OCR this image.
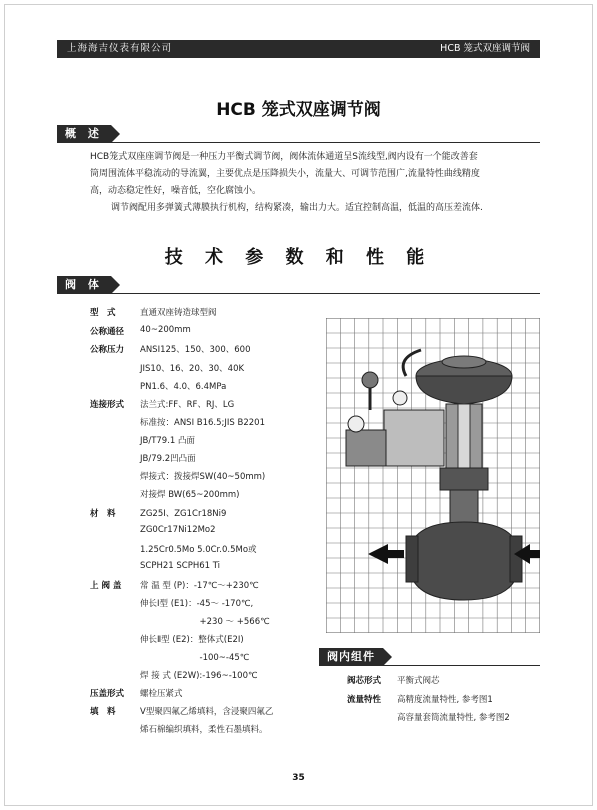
上海海吉仪表有限公司	HCB 笼式双座调节阀
HCB 笼式双座调节阀
概 述
HCB笼式双座座调节阀是一种压力平衡式调节阀，阀体流体通道呈S流线型,阀内设有一个能改善套
筒周围流体平稳流动的导流翼，主要优点是压降损失小，流量大、可调节范围广,流量特性曲线精度
高，动态稳定性好，噪音低，空化腐蚀小。
调节阀配用多弹簧式薄膜执行机构，结构紧凑，输出力大。适宜控制高温，低温的高压差流体.
技 术 参 数 和 性 能
阀 体
型　式	直通双座铸造球型阀
公称通径	40~200mm
公称压力	ANSI125、150、300、600
JIS10、16、20、30、40K
PN1.6、4.0、6.4MPa
连接形式	法兰式:FF、RF、RJ、LG
标准按：ANSI B16.5;JIS B2201
JB/T79.1 凸面
JB/79.2凹凸面
焊接式：拨接焊SW(40~50mm)
对接焊 BW(65~200mm)
材　料	ZG25I、ZG1Cr18Ni9
ZG0Cr17Ni12Mo2
1.25Cr0.5Mo 5.0Cr.0.5Mo或
SCPH21 SCPH61 Ti
上 阀 盖	常 温 型 (P)：-17℃～+230℃
伸长Ⅰ型 (E1)：-45～ -170℃,
　　　　　　　+230 ～ +566℃
伸长Ⅱ型 (E2)：整体式(E2Ⅰ)
　　　　　　　-100~-45℃
焊 接 式 (E2W):-196~-100℃
压盖形式	螺栓压紧式
填　料	V型聚四氟乙烯填料，含浸聚四氟乙
烯石棉编织填料，柔性石墨填料。
阀内组件
阀芯形式	平衡式阀芯
流量特性	高精度流量特性, 参考图1
高容量套筒流量特性, 参考图2
35
